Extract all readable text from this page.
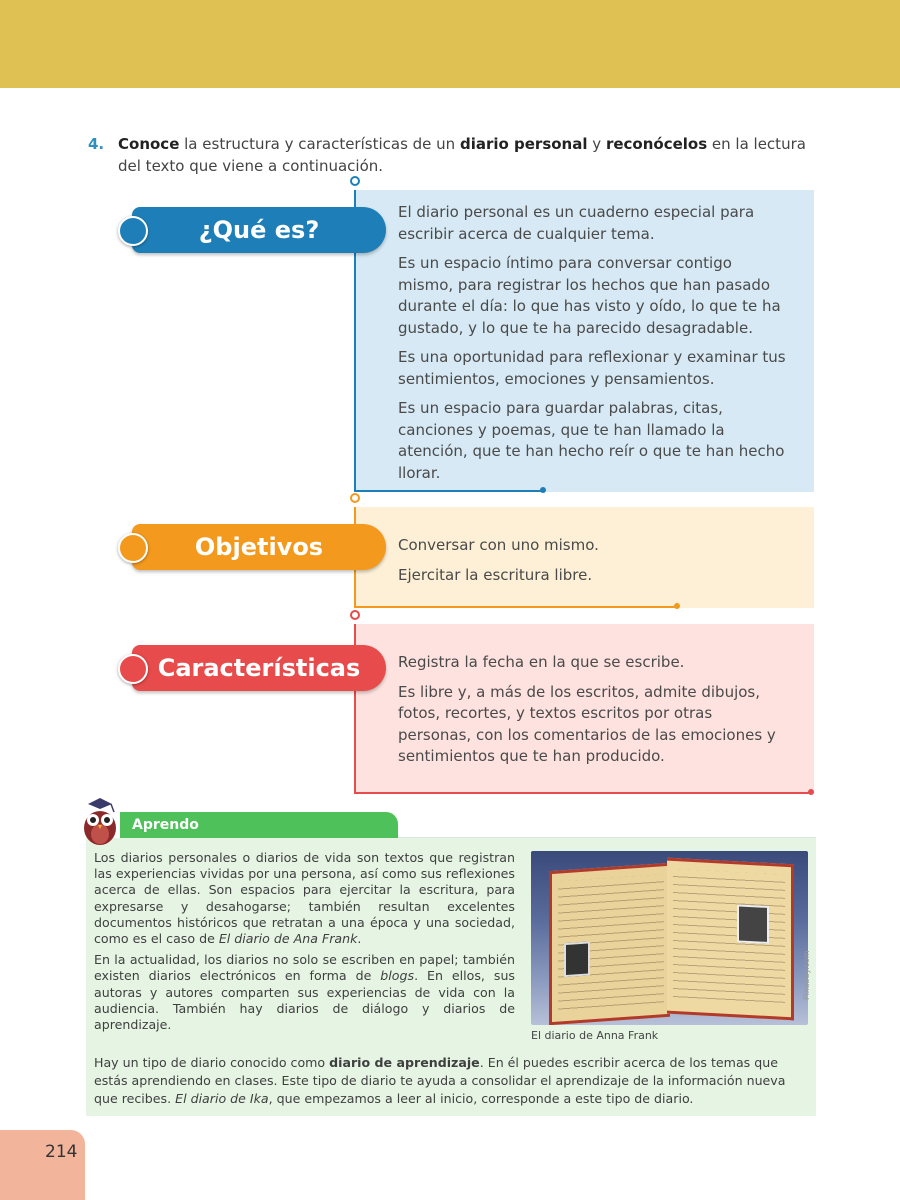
4. Conoce la estructura y características de un diario personal y reconócelos en la lectura del texto que viene a continuación.

El diario personal es un cuaderno especial para escribir acerca de cualquier tema.

Es un espacio íntimo para conversar contigo mismo, para registrar los hechos que han pasado durante el día: lo que has visto y oído, lo que te ha gustado, y lo que te ha parecido desagradable.

Es una oportunidad para reflexionar y examinar tus sentimientos, emociones y pensamientos.

Es un espacio para guardar palabras, citas, canciones y poemas, que te han llamado la atención, que te han hecho reír o que te han hecho llorar.

¿Qué es?

Conversar con uno mismo.

Ejercitar la escritura libre.

Objetivos

Registra la fecha en la que se escribe.

Es libre y, a más de los escritos, admite dibujos, fotos, recortes, y textos escritos por otras personas, con los comentarios de las emociones y sentimientos que te han producido.

Características
Aprendo

Los diarios personales o diarios de vida son textos que registran las experiencias vividas por una persona, así como sus reflexiones acerca de ellas. Son espacios para ejercitar la escritura, para expresarse y desahogarse; también resultan excelentes documentos históricos que retratan a una época y una sociedad, como es el caso de El diario de Ana Frank.

En la actualidad, los diarios no solo se escriben en papel; también existen diarios electrónicos en forma de blogs. En ellos, sus autoras y autores comparten sus experiencias de vida con la audiencia. También hay diarios de diálogo y diarios de aprendizaje.

Pixabay.com
El diario de Anna Frank
Hay un tipo de diario conocido como diario de aprendizaje. En él puedes escribir acerca de los temas que estás aprendiendo en clases. Este tipo de diario te ayuda a consolidar el aprendizaje de la información nueva que recibes. El diario de Ika, que empezamos a leer al inicio, corresponde a este tipo de diario.
214
